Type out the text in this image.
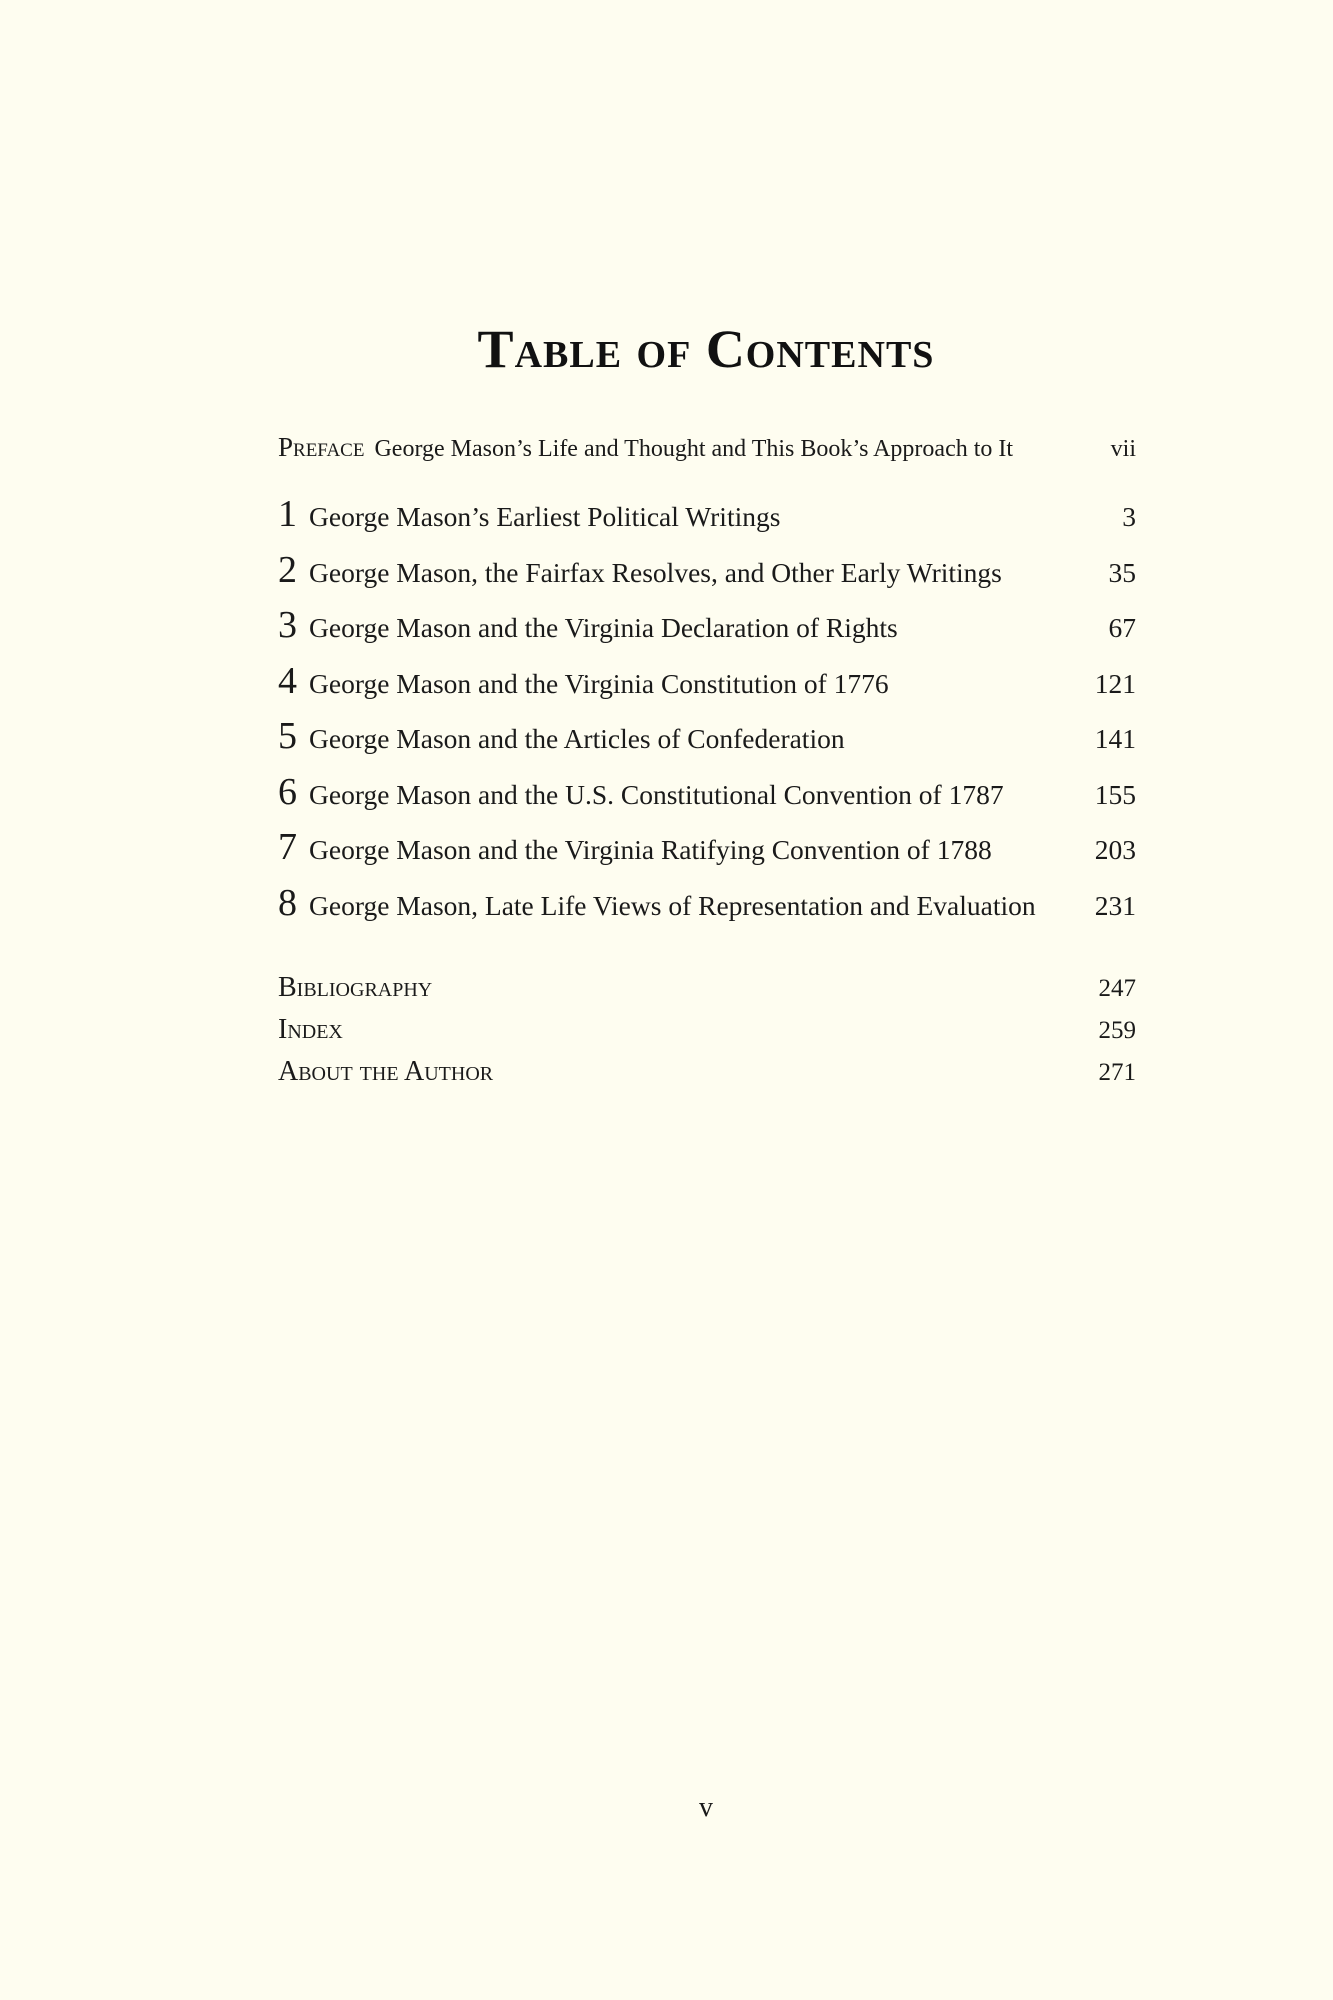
Table of Contents
Preface George Mason’s Life and Thought and This Book’s Approach to It	vii
1 George Mason’s Earliest Political Writings	3
2 George Mason, the Fairfax Resolves, and Other Early Writings	35
3 George Mason and the Virginia Declaration of Rights	67
4 George Mason and the Virginia Constitution of 1776	121
5 George Mason and the Articles of Confederation	141
6 George Mason and the U.S. Constitutional Convention of 1787	155
7 George Mason and the Virginia Ratifying Convention of 1788	203
8 George Mason, Late Life Views of Representation and Evaluation	231
Bibliography	247
Index	259
About the Author	271
v
